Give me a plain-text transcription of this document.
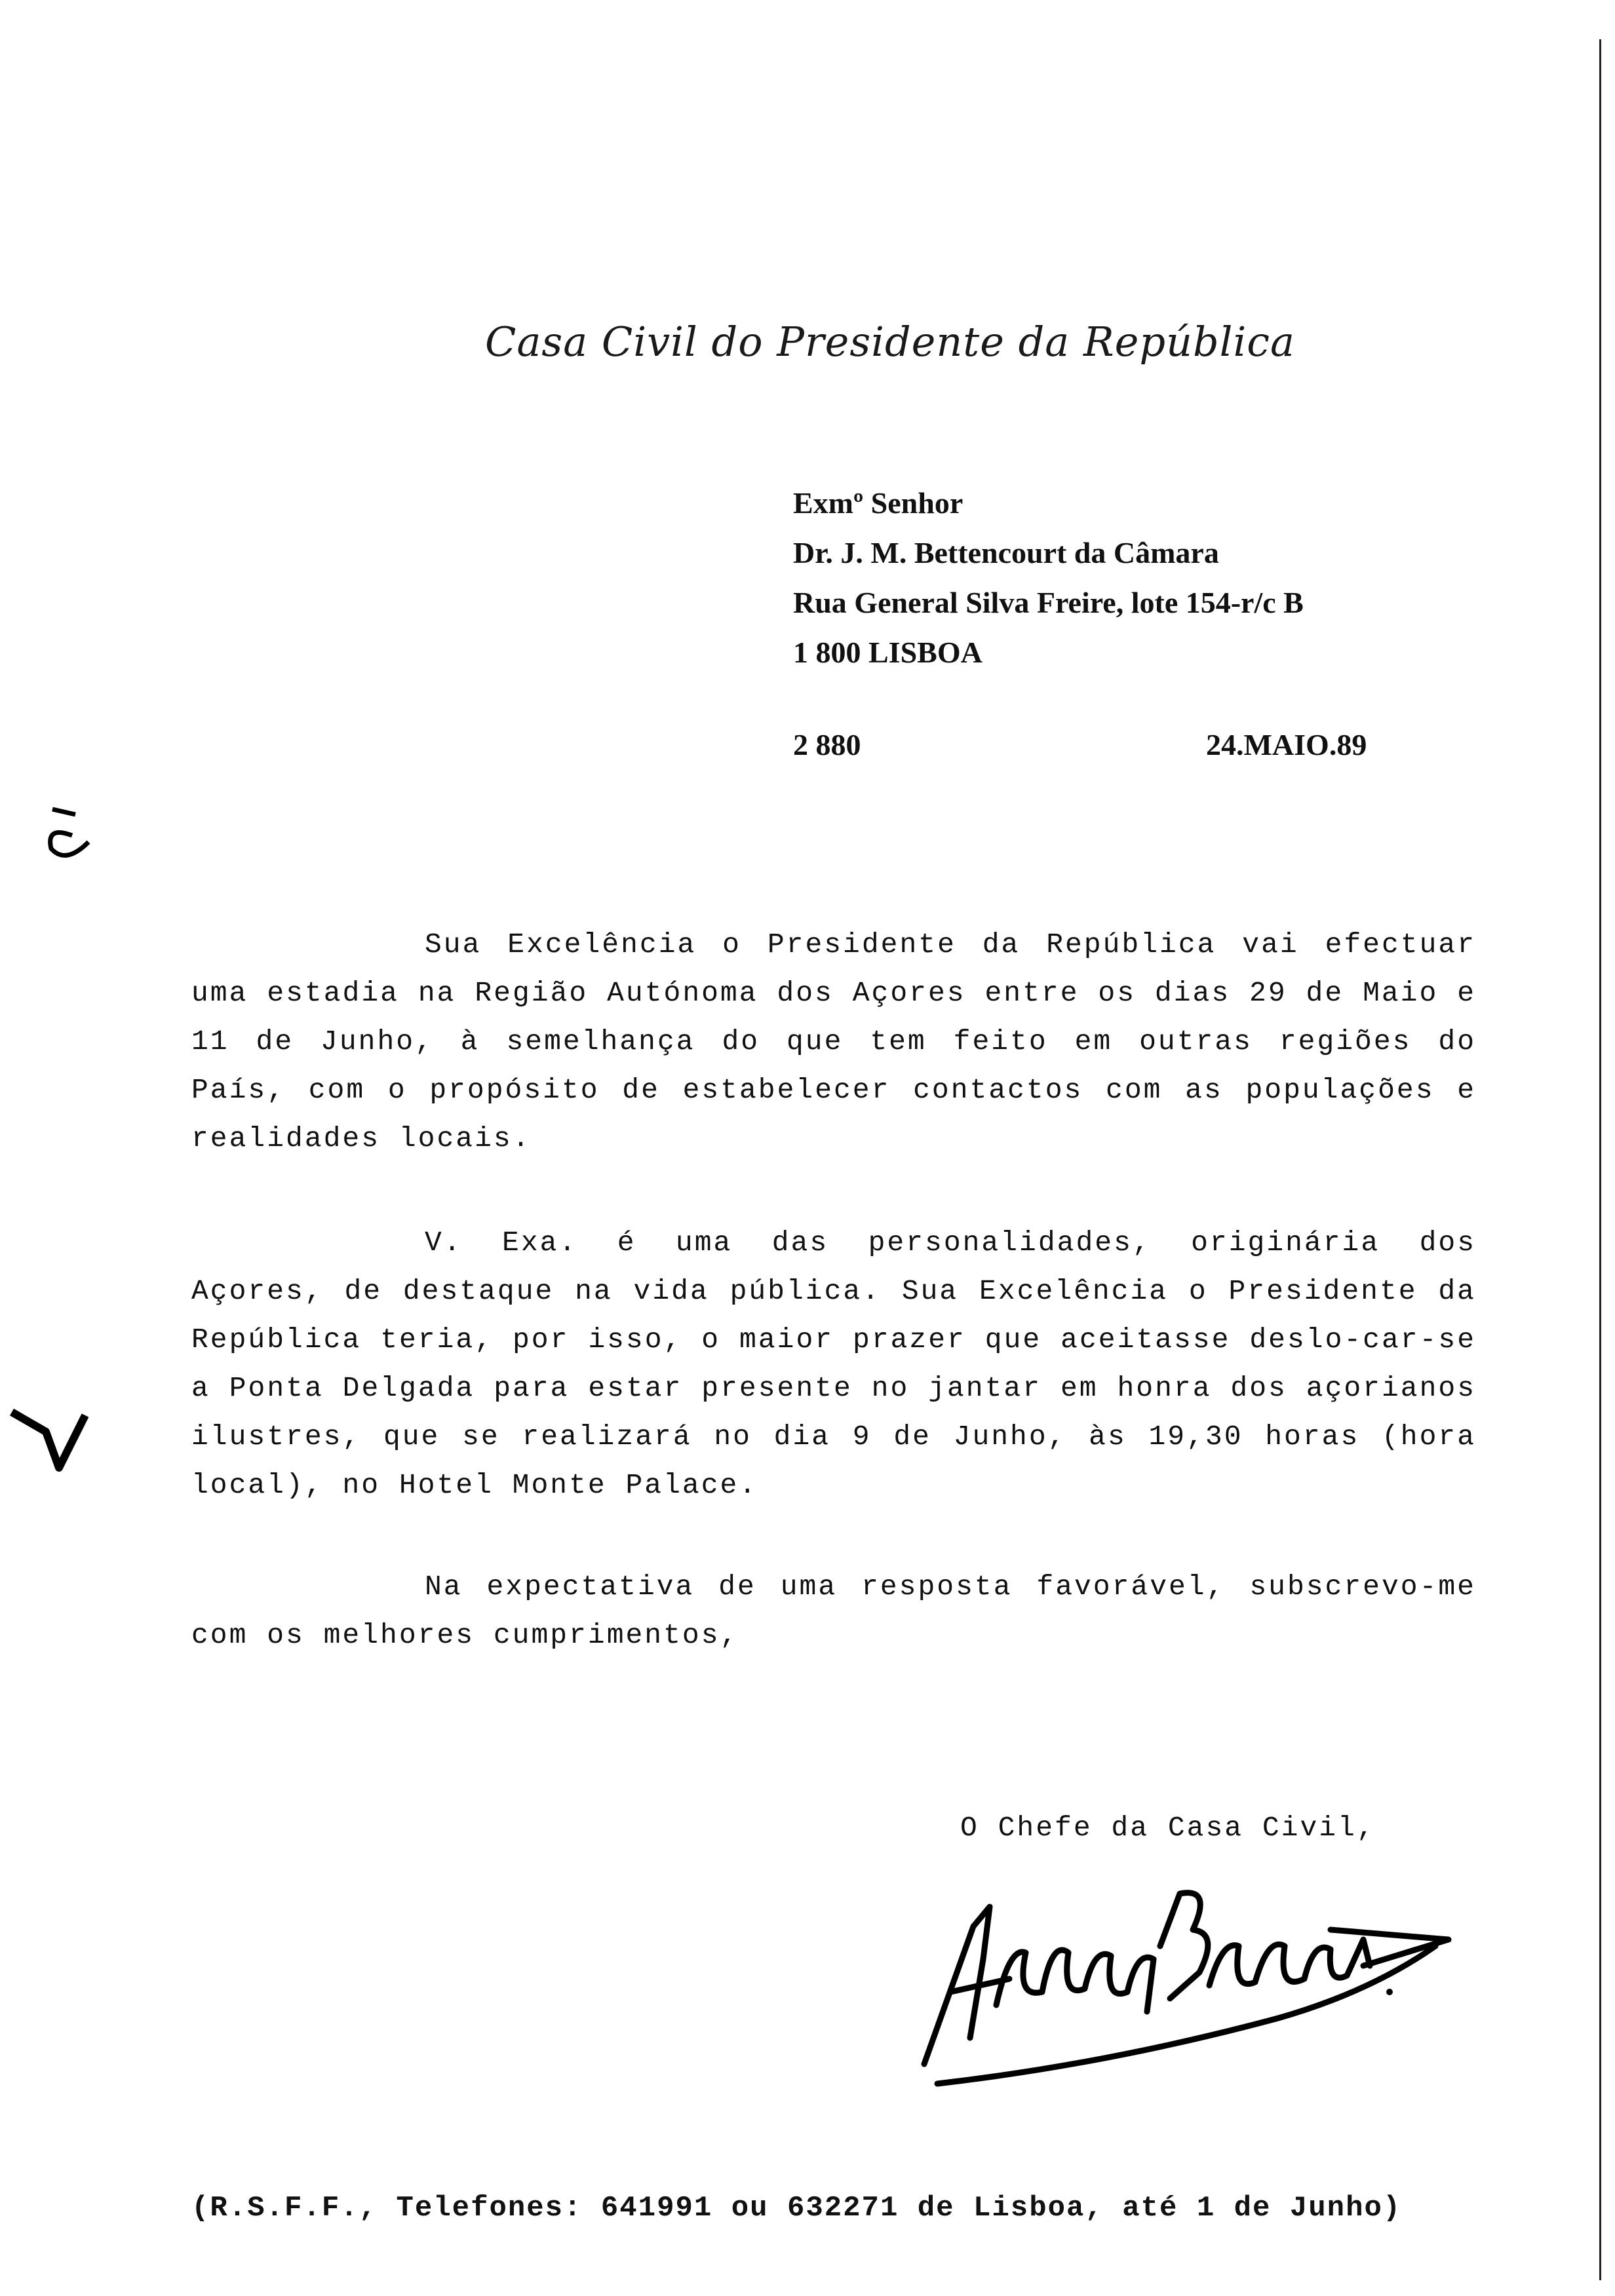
Casa Civil do Presidente da República
Exmº Senhor
Dr. J. M. Bettencourt da Câmara
Rua General Silva Freire, lote 154-r/c B
1 800 LISBOA
2 880	24.MAIO.89
Sua Excelência o Presidente da República vai efectuar uma estadia na Região Autónoma dos Açores entre os dias 29 de Maio e 11 de Junho, à semelhança do que tem feito em outras regiões do País, com o propósito de estabelecer contactos com as populações e realidades locais.
V. Exa. é uma das personalidades, originária dos Açores, de destaque na vida pública. Sua Excelência o Presidente da República teria, por isso, o maior prazer que aceitasse deslo-car-se a Ponta Delgada para estar presente no jantar em honra dos açorianos ilustres, que se realizará no dia 9 de Junho, às 19,30 horas (hora local), no Hotel Monte Palace.
Na expectativa de uma resposta favorável, subscrevo-me com os melhores cumprimentos,
O Chefe da Casa Civil,
(R.S.F.F., Telefones: 641991 ou 632271 de Lisboa, até 1 de Junho)
